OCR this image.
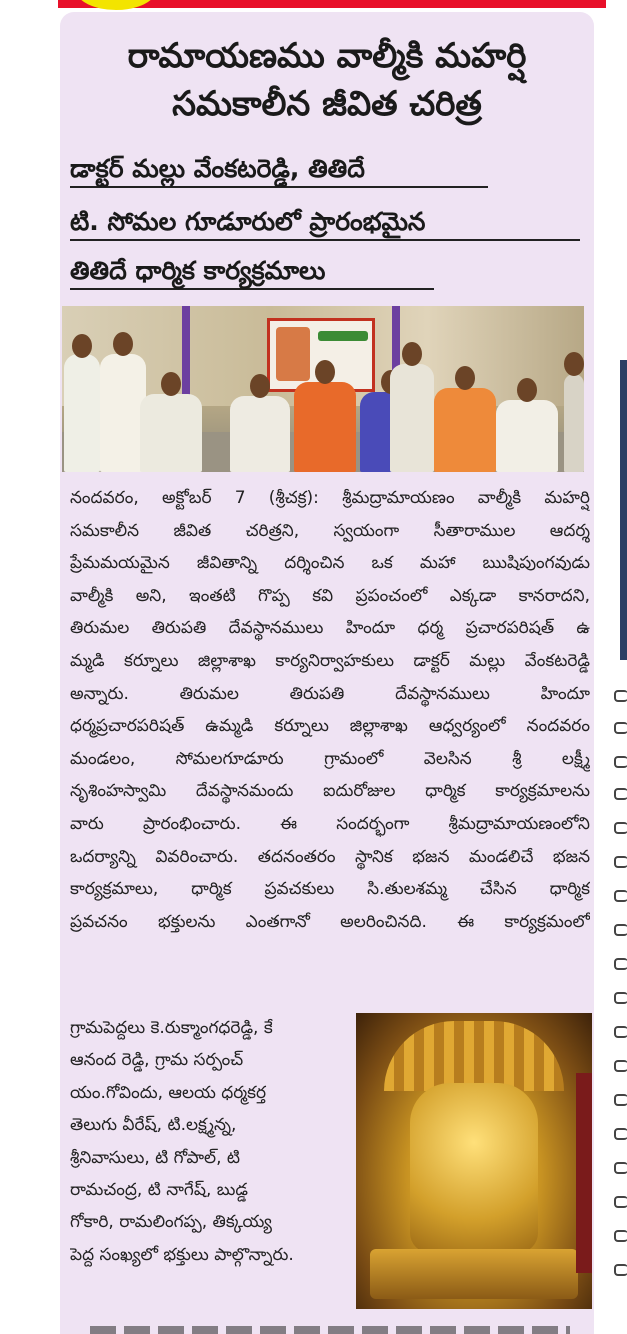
రామాయణము వాల్మీకి మహర్షి
సమకాలీన జీవిత చరిత్ర
డాక్టర్ మల్లు వేంకటరెడ్డి, తితిదే
టి. సోమల గూడూరులో ప్రారంభమైన
తితిదే ధార్మిక కార్యక్రమాలు
నందవరం, అక్టోబర్ 7 (శ్రీచక్ర): శ్రీమద్రామాయణం వాల్మీకి మహర్షి
సమకాలీన జీవిత చరిత్రని, స్వయంగా సీతారాముల ఆదర్శ
ప్రేమమయమైన జీవితాన్ని దర్శించిన ఒక మహా ఋషిపుంగవుడు
వాల్మీకి అని, ఇంతటి గొప్ప కవి ప్రపంచంలో ఎక్కడా కానరాదని,
తిరుమల తిరుపతి దేవస్థానములు హిందూ ధర్మ ప్రచారపరిషత్ ఉ
మ్మడి కర్నూలు జిల్లాశాఖ కార్యనిర్వాహకులు డాక్టర్ మల్లు వేంకటరెడ్డి
అన్నారు. తిరుమల తిరుపతి దేవస్థానములు హిందూ
ధర్మప్రచారపరిషత్ ఉమ్మడి కర్నూలు జిల్లాశాఖ ఆధ్వర్యంలో నందవరం
మండలం, సోమలగూడూరు గ్రామంలో వెలసిన శ్రీ లక్ష్మీ
నృశింహస్వామి దేవస్థానమందు ఐదురోజుల ధార్మిక కార్యక్రమాలను
వారు ప్రారంభించారు. ఈ సందర్భంగా శ్రీమద్రామాయణంలోని
ఒదర్యాన్ని వివరించారు. తదనంతరం స్థానిక భజన మండలిచే భజన
కార్యక్రమాలు, ధార్మిక ప్రవచకులు సి.తులశమ్మ చేసిన ధార్మిక
ప్రవచనం భక్తులను ఎంతగానో అలరించినది. ఈ కార్యక్రమంలో
గ్రామపెద్దలు కె.రుక్మాంగధరెడ్డి, కే
ఆనంద రెడ్డి, గ్రామ సర్పంచ్
యం.గోవిందు, ఆలయ ధర్మకర్త
తెలుగు వీరేష్, టి.లక్ష్మన్న,
శ్రీనివాసులు, టి గోపాల్, టి
రామచంద్ర, టి నాగేష్, బుడ్డ
గోకారి, రామలింగప్ప, తిక్కయ్య
పెద్ద సంఖ్యలో భక్తులు పాల్గొన్నారు.
